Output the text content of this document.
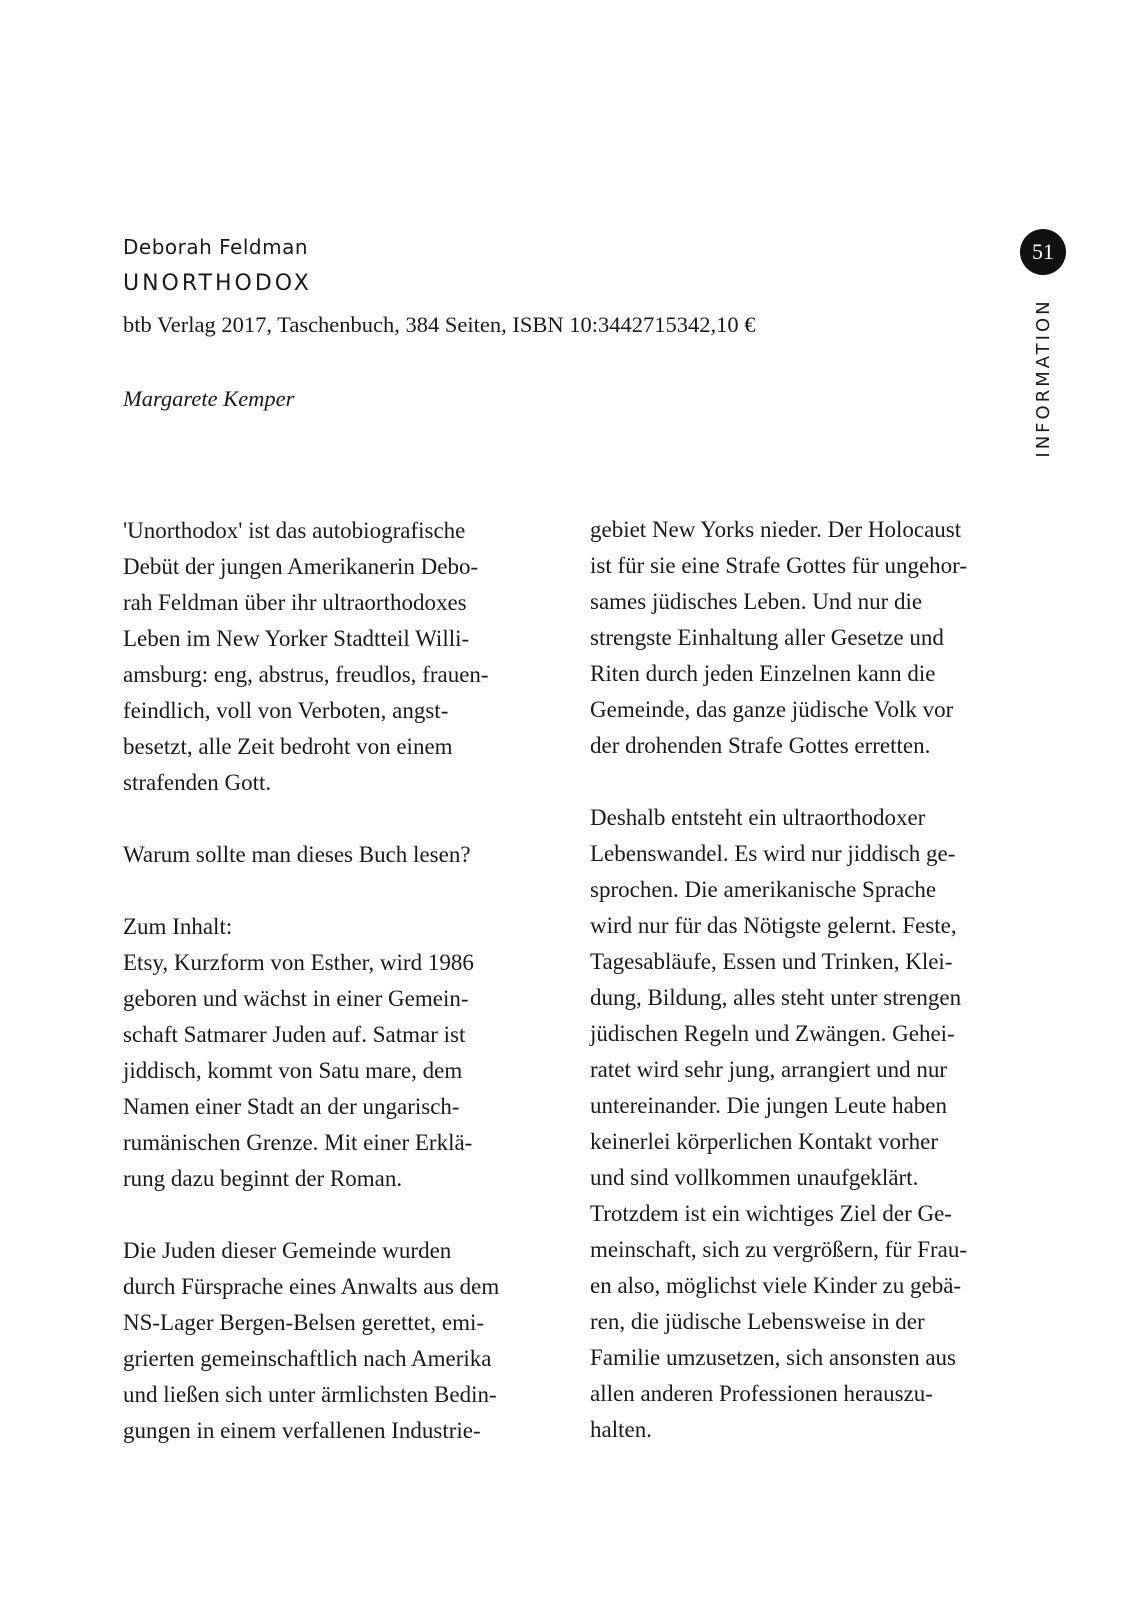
Deborah Feldman
UNORTHODOX
btb Verlag 2017, Taschenbuch, 384 Seiten, ISBN 10:3442715342,10 €
Margarete Kemper
51
INFORMATION
'Unorthodox' ist das autobiografische
Debüt der jungen Amerikanerin Debo-
rah Feldman über ihr ultraorthodoxes
Leben im New Yorker Stadtteil Willi-
amsburg: eng, abstrus, freudlos, frauen-
feindlich, voll von Verboten, angst-
besetzt, alle Zeit bedroht von einem
strafenden Gott.
Warum sollte man dieses Buch lesen?
Zum Inhalt:
Etsy, Kurzform von Esther, wird 1986
geboren und wächst in einer Gemein-
schaft Satmarer Juden auf. Satmar ist
jiddisch, kommt von Satu mare, dem
Namen einer Stadt an der ungarisch-
rumänischen Grenze. Mit einer Erklä-
rung dazu beginnt der Roman.
Die Juden dieser Gemeinde wurden
durch Fürsprache eines Anwalts aus dem
NS-Lager Bergen-Belsen gerettet, emi-
grierten gemeinschaftlich nach Amerika
und ließen sich unter ärmlichsten Bedin-
gungen in einem verfallenen Industrie-
gebiet New Yorks nieder. Der Holocaust
ist für sie eine Strafe Gottes für ungehor-
sames jüdisches Leben. Und nur die
strengste Einhaltung aller Gesetze und
Riten durch jeden Einzelnen kann die
Gemeinde, das ganze jüdische Volk vor
der drohenden Strafe Gottes erretten.
Deshalb entsteht ein ultraorthodoxer
Lebenswandel. Es wird nur jiddisch ge-
sprochen. Die amerikanische Sprache
wird nur für das Nötigste gelernt. Feste,
Tagesabläufe, Essen und Trinken, Klei-
dung, Bildung, alles steht unter strengen
jüdischen Regeln und Zwängen. Gehei-
ratet wird sehr jung, arrangiert und nur
untereinander. Die jungen Leute haben
keinerlei körperlichen Kontakt vorher
und sind vollkommen unaufgeklärt.
Trotzdem ist ein wichtiges Ziel der Ge-
meinschaft, sich zu vergrößern, für Frau-
en also, möglichst viele Kinder zu gebä-
ren, die jüdische Lebensweise in der
Familie umzusetzen, sich ansonsten aus
allen anderen Professionen herauszu-
halten.
